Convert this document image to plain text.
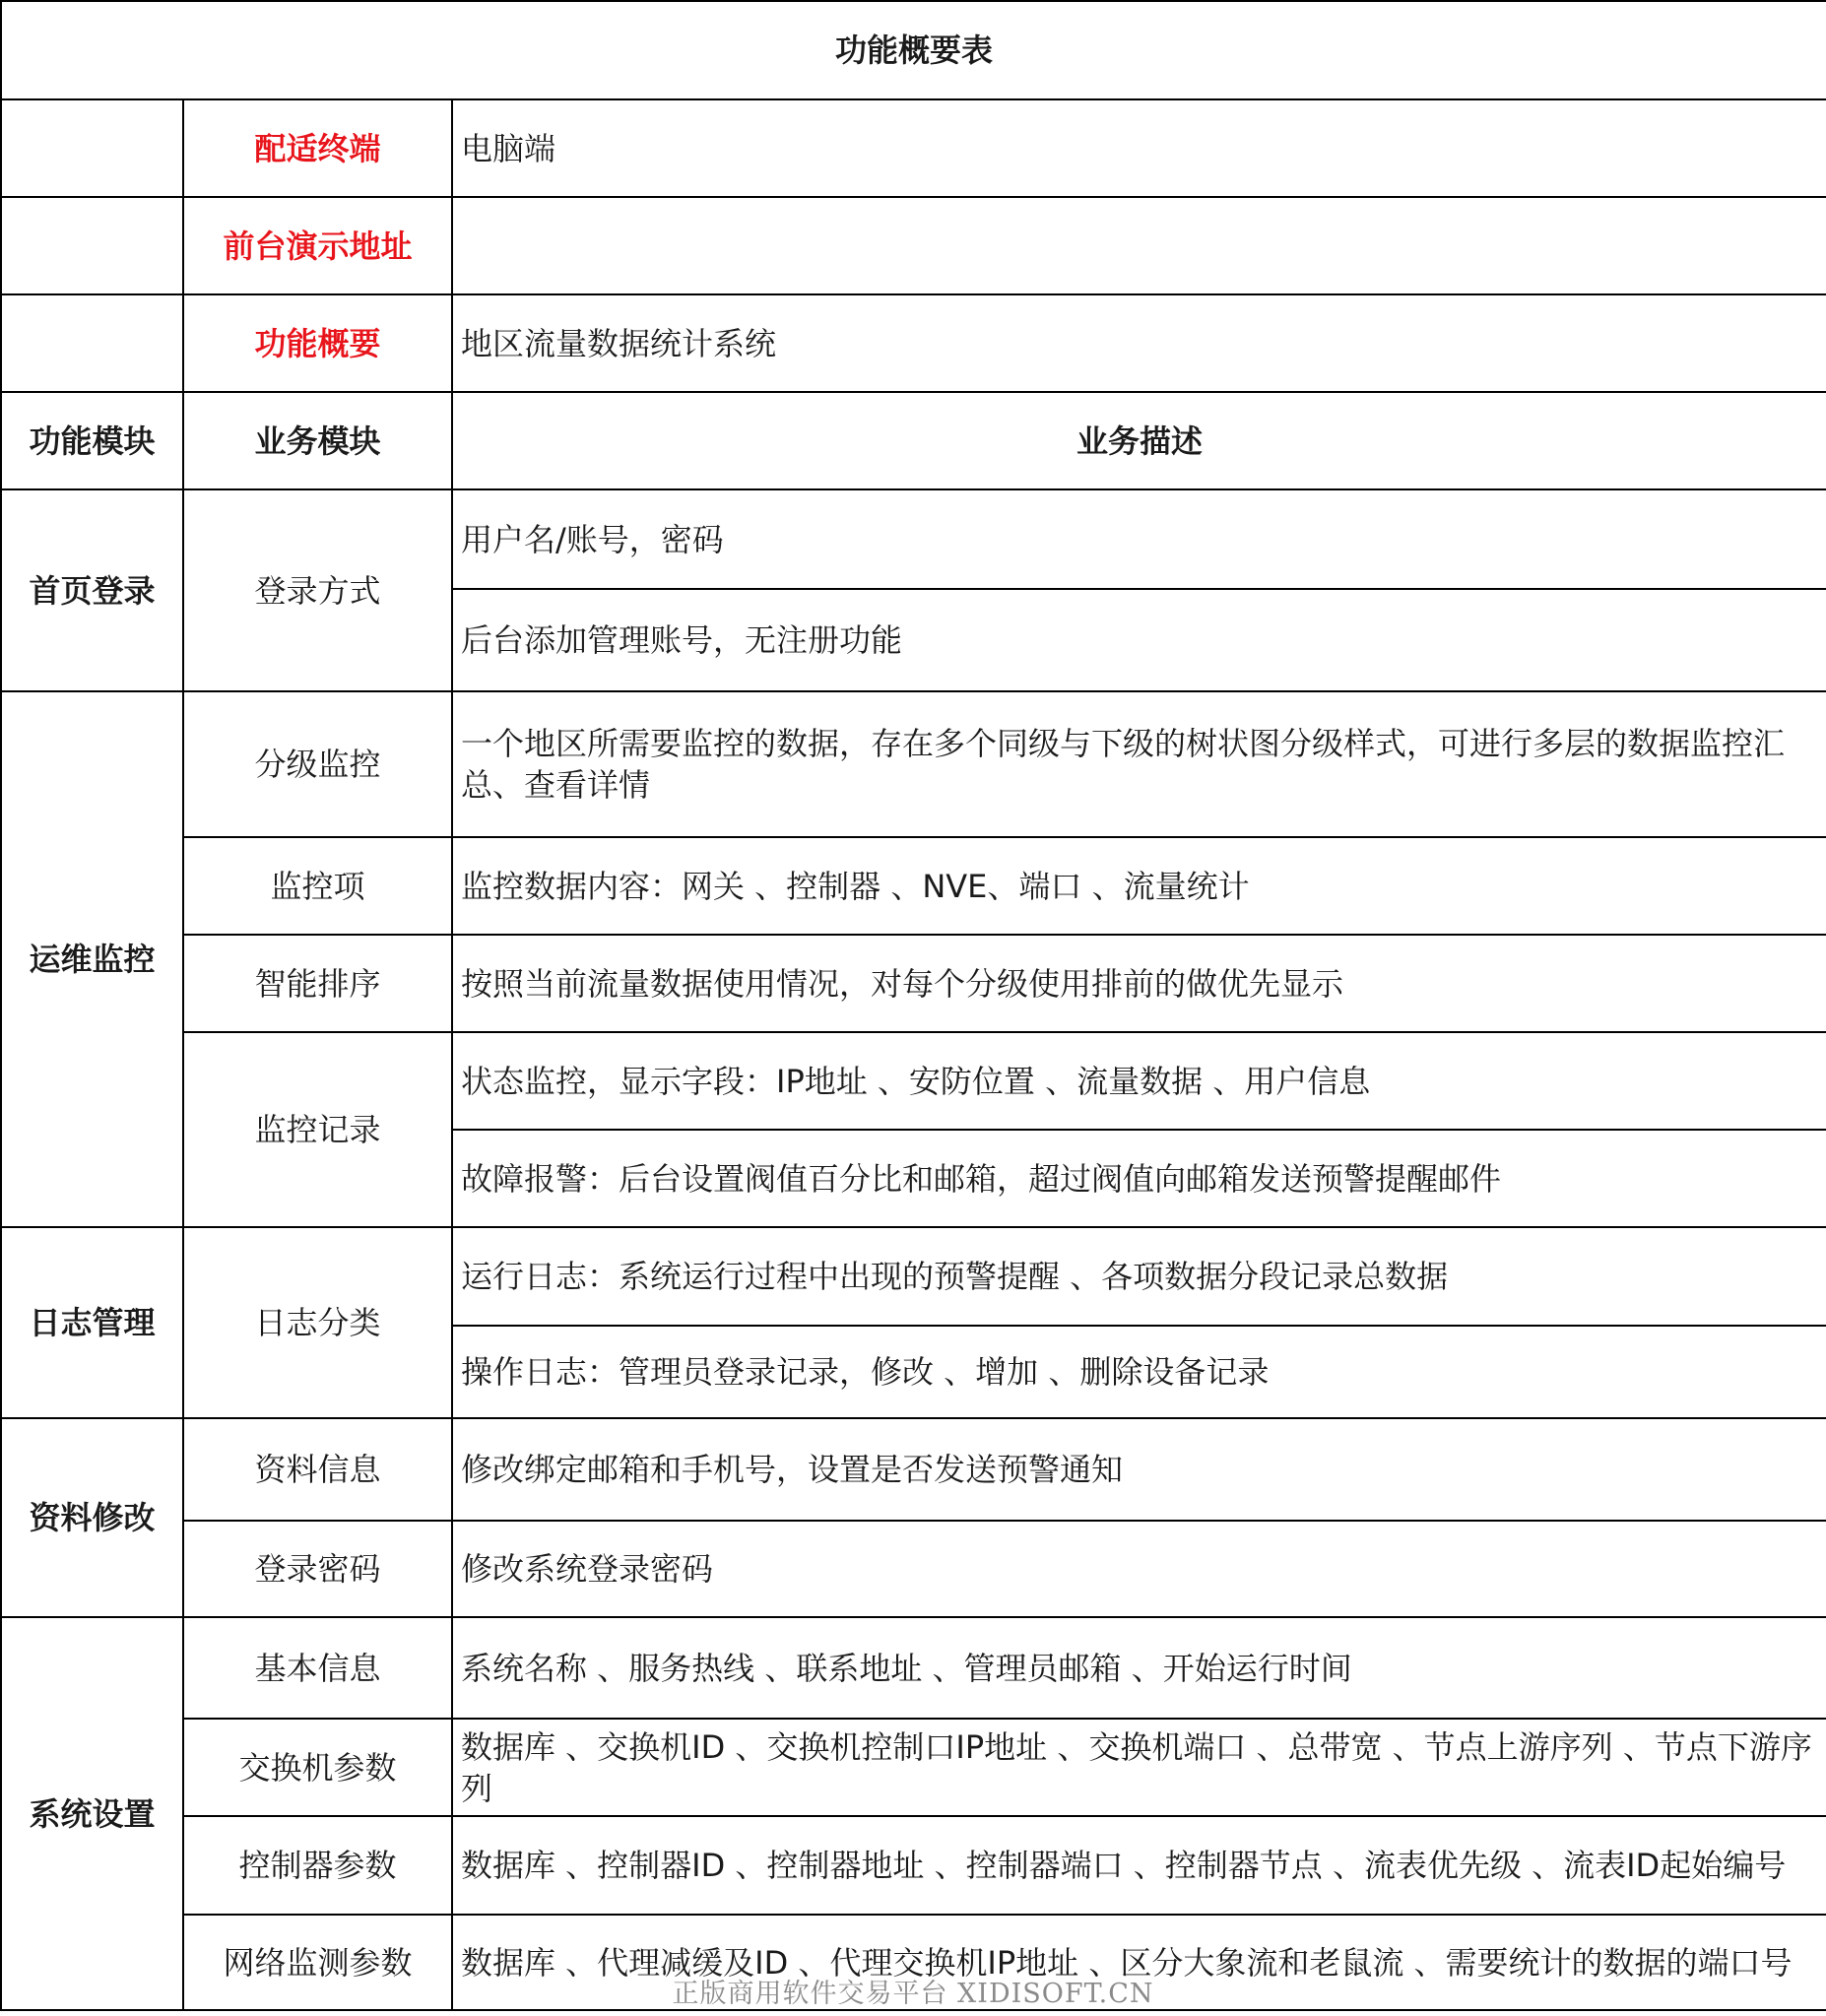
功能概要表		
	配适终端	电脑端
	前台演示地址	
	功能概要	地区流量数据统计系统
功能模块	业务模块	业务描述
首页登录	登录方式	用户名/账号，密码
		后台添加管理账号，无注册功能
运维监控	分级监控	一个地区所需要监控的数据，存在多个同级与下级的树状图分级样式，可进行多层的数据监控汇总、查看详情
	监控项	监控数据内容：网关 、控制器 、NVE、端口 、流量统计
	智能排序	按照当前流量数据使用情况，对每个分级使用排前的做优先显示
	监控记录	状态监控，显示字段：IP地址 、安防位置 、流量数据 、用户信息
		故障报警：后台设置阀值百分比和邮箱，超过阀值向邮箱发送预警提醒邮件
日志管理	日志分类	运行日志：系统运行过程中出现的预警提醒 、各项数据分段记录总数据
		操作日志：管理员登录记录，修改 、增加 、删除设备记录
资料修改	资料信息	修改绑定邮箱和手机号，设置是否发送预警通知
	登录密码	修改系统登录密码
系统设置	基本信息	系统名称 、服务热线 、联系地址 、管理员邮箱 、开始运行时间
	交换机参数	数据库 、交换机ID 、交换机控制口IP地址 、交换机端口 、总带宽 、节点上游序列 、节点下游序列
	控制器参数	数据库 、控制器ID 、控制器地址 、控制器端口 、控制器节点 、流表优先级 、流表ID起始编号
	网络监测参数	数据库 、代理减缓及ID 、代理交换机IP地址 、区分大象流和老鼠流 、需要统计的数据的端口号
正版商用软件交易平台 XIDISOFT.CN
